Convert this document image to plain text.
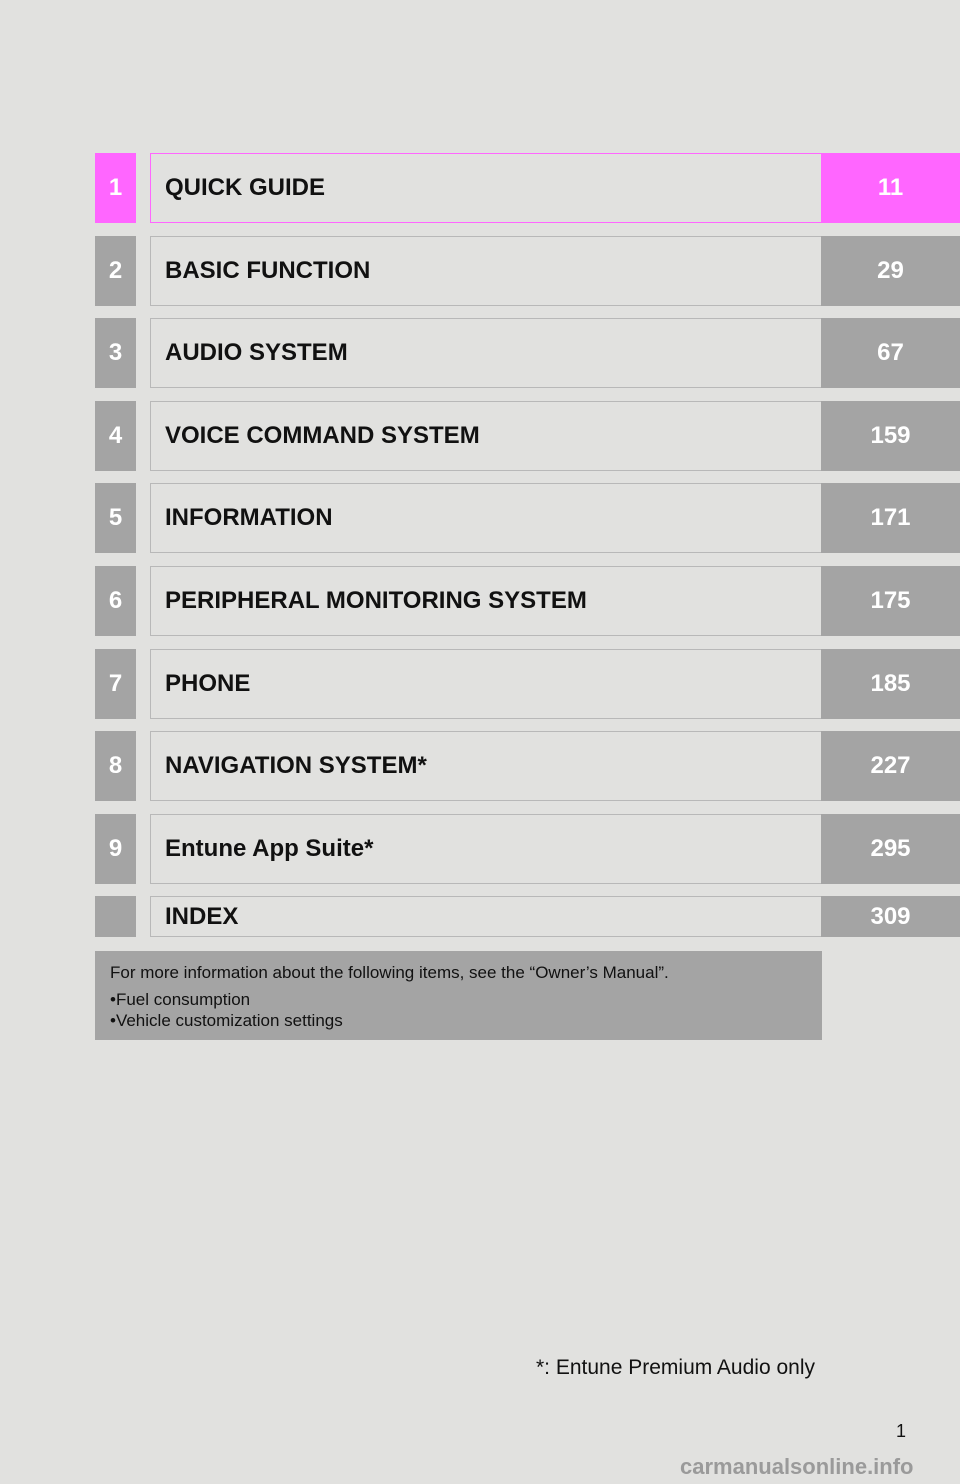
1	QUICK GUIDE	11
2	BASIC FUNCTION	29
3	AUDIO SYSTEM	67
4	VOICE COMMAND SYSTEM	159
5	INFORMATION	171
6	PERIPHERAL MONITORING SYSTEM	175
7	PHONE	185
8	NAVIGATION SYSTEM*	227
9	Entune App Suite*	295
INDEX	309
For more information about the following items, see the “Owner’s Manual”.
• Fuel consumption
• Vehicle customization settings
*: Entune Premium Audio only
1
carmanualsonline.info
